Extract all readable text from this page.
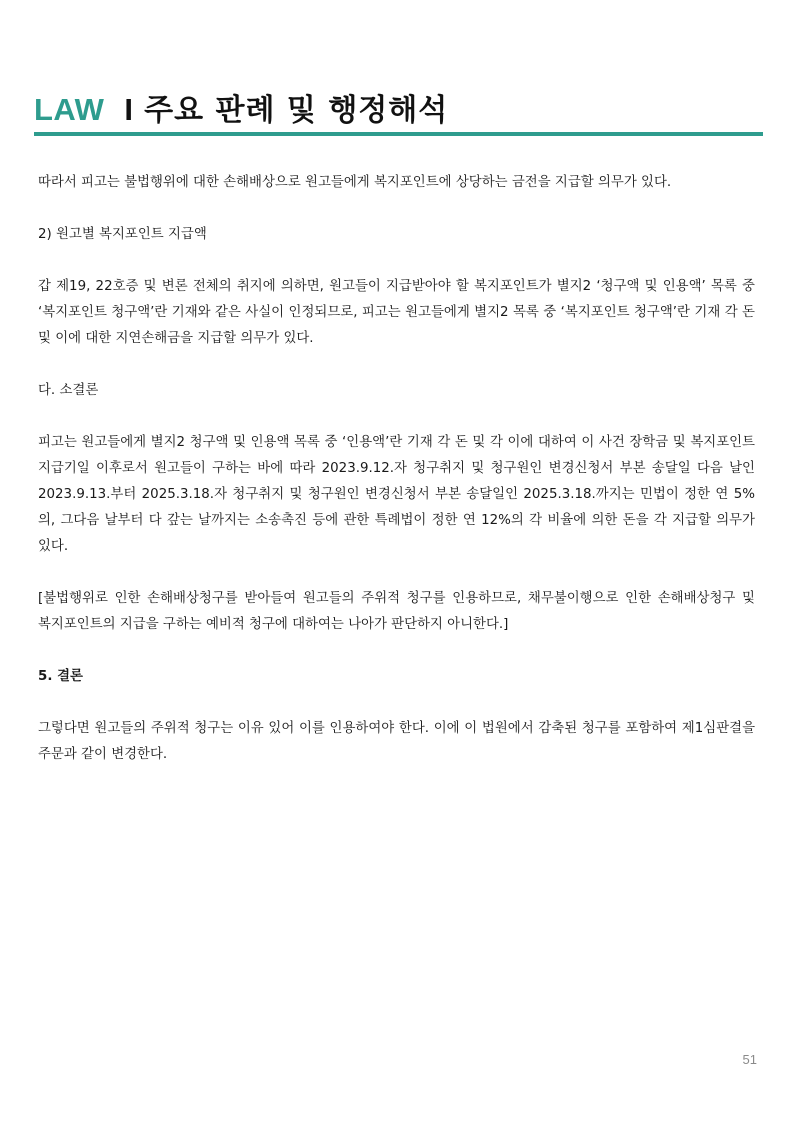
LAW I 주요 판례 및 행정해석

따라서 피고는 불법행위에 대한 손해배상으로 원고들에게 복지포인트에 상당하는 금전을 지급할 의무가 있다.

2) 원고별 복지포인트 지급액

갑 제19, 22호증 및 변론 전체의 취지에 의하면, 원고들이 지급받아야 할 복지포인트가 별지2 ‘청구액 및 인용액’ 목록 중 ‘복지포인트 청구액’란 기재와 같은 사실이 인정되므로, 피고는 원고들에게 별지2 목록 중 ‘복지포인트 청구액’란 기재 각 돈 및 이에 대한 지연손해금을 지급할 의무가 있다.

다. 소결론

피고는 원고들에게 별지2 청구액 및 인용액 목록 중 ‘인용액’란 기재 각 돈 및 각 이에 대하여 이 사건 장학금 및 복지포인트 지급기일 이후로서 원고들이 구하는 바에 따라 2023.9.12.자 청구취지 및 청구원인 변경신청서 부본 송달일 다음 날인 2023.9.13.부터 2025.3.18.자 청구취지 및 청구원인 변경신청서 부본 송달일인 2025.3.18.까지는 민법이 정한 연 5%의, 그다음 날부터 다 갚는 날까지는 소송촉진 등에 관한 특례법이 정한 연 12%의 각 비율에 의한 돈을 각 지급할 의무가 있다.

[불법행위로 인한 손해배상청구를 받아들여 원고들의 주위적 청구를 인용하므로, 채무불이행으로 인한 손해배상청구 및 복지포인트의 지급을 구하는 예비적 청구에 대하여는 나아가 판단하지 아니한다.]

5. 결론

그렇다면 원고들의 주위적 청구는 이유 있어 이를 인용하여야 한다. 이에 이 법원에서 감축된 청구를 포함하여 제1심판결을 주문과 같이 변경한다.

51
